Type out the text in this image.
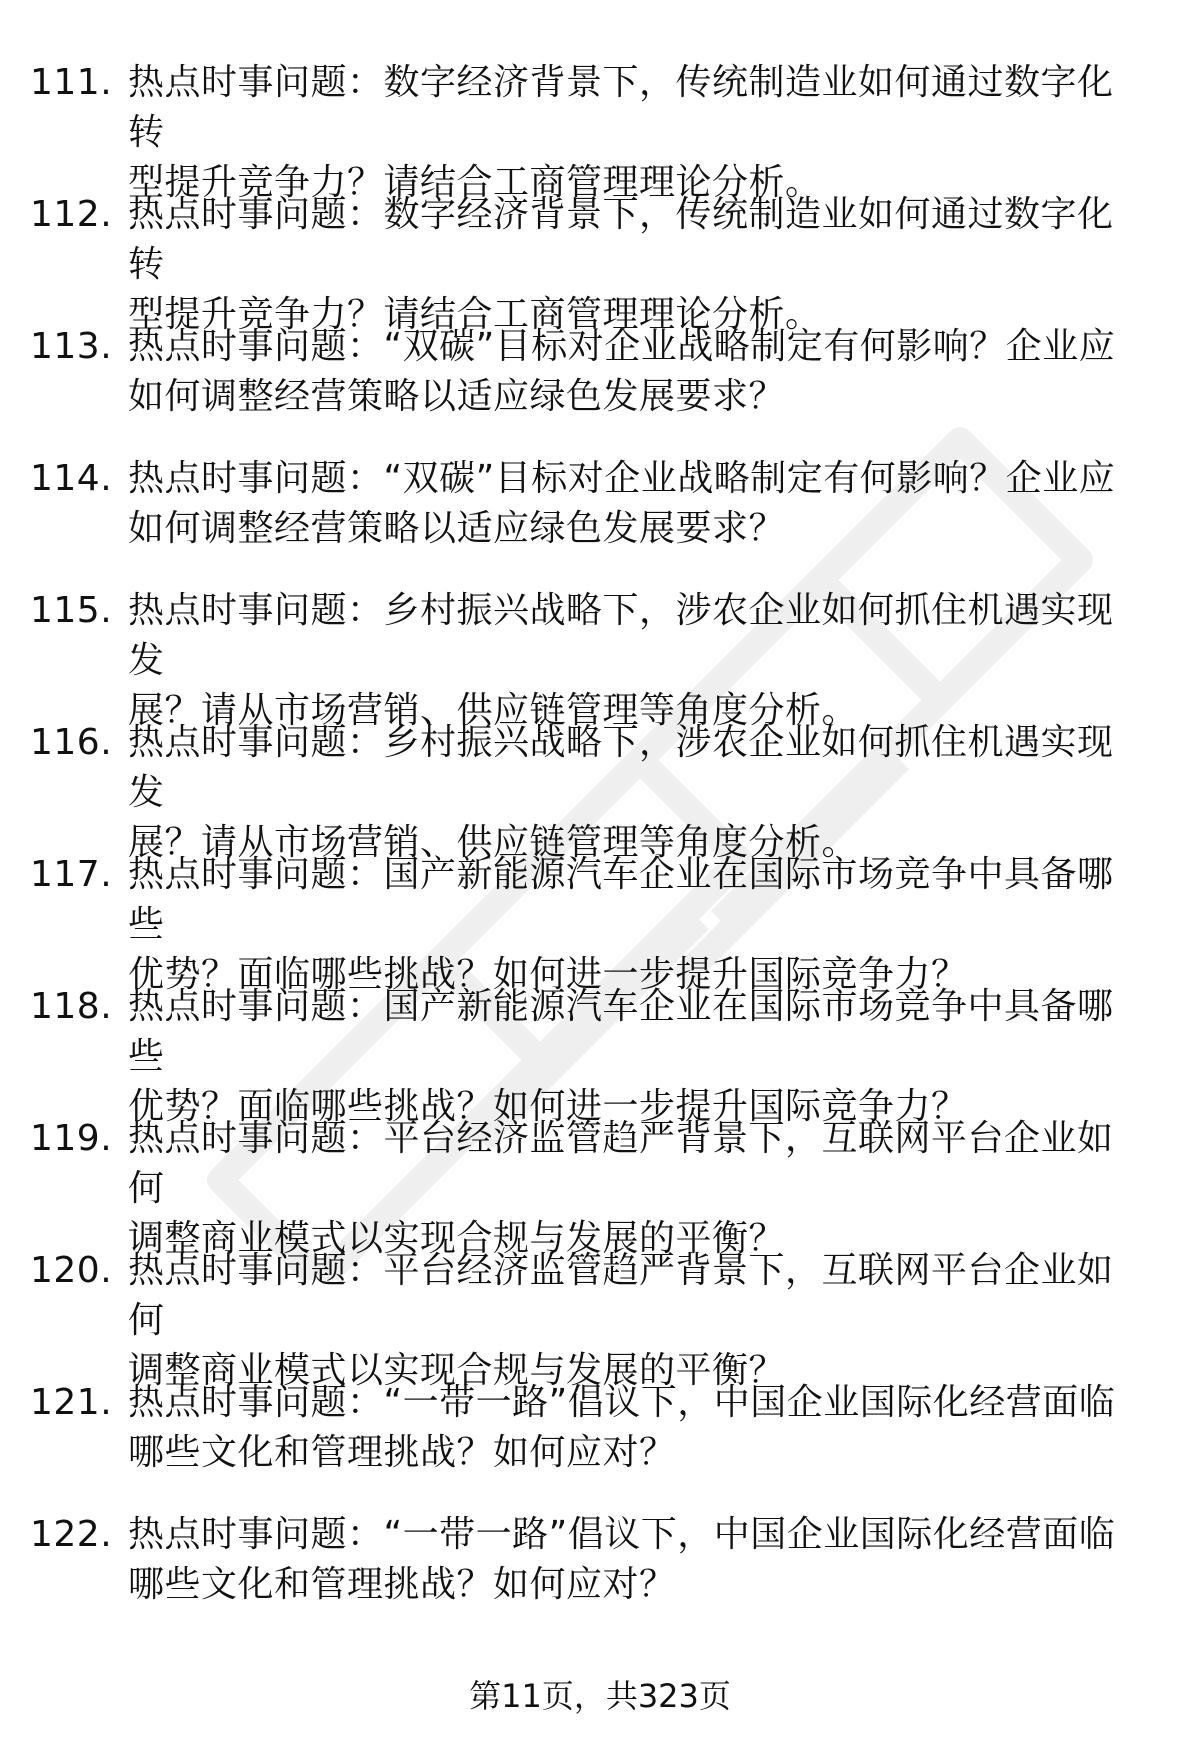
111. 热点时事问题：数字经济背景下，传统制造业如何通过数字化转
型提升竞争力？请结合工商管理理论分析。
112. 热点时事问题：数字经济背景下，传统制造业如何通过数字化转
型提升竞争力？请结合工商管理理论分析。
113. 热点时事问题：“双碳”目标对企业战略制定有何影响？企业应
如何调整经营策略以适应绿色发展要求？
114. 热点时事问题：“双碳”目标对企业战略制定有何影响？企业应
如何调整经营策略以适应绿色发展要求？
115. 热点时事问题：乡村振兴战略下，涉农企业如何抓住机遇实现发
展？请从市场营销、供应链管理等角度分析。
116. 热点时事问题：乡村振兴战略下，涉农企业如何抓住机遇实现发
展？请从市场营销、供应链管理等角度分析。
117. 热点时事问题：国产新能源汽车企业在国际市场竞争中具备哪些
优势？面临哪些挑战？如何进一步提升国际竞争力？
118. 热点时事问题：国产新能源汽车企业在国际市场竞争中具备哪些
优势？面临哪些挑战？如何进一步提升国际竞争力？
119. 热点时事问题：平台经济监管趋严背景下，互联网平台企业如何
调整商业模式以实现合规与发展的平衡？
120. 热点时事问题：平台经济监管趋严背景下，互联网平台企业如何
调整商业模式以实现合规与发展的平衡？
121. 热点时事问题：“一带一路”倡议下，中国企业国际化经营面临
哪些文化和管理挑战？如何应对？
122. 热点时事问题：“一带一路”倡议下，中国企业国际化经营面临
哪些文化和管理挑战？如何应对？
第11页，共323页
